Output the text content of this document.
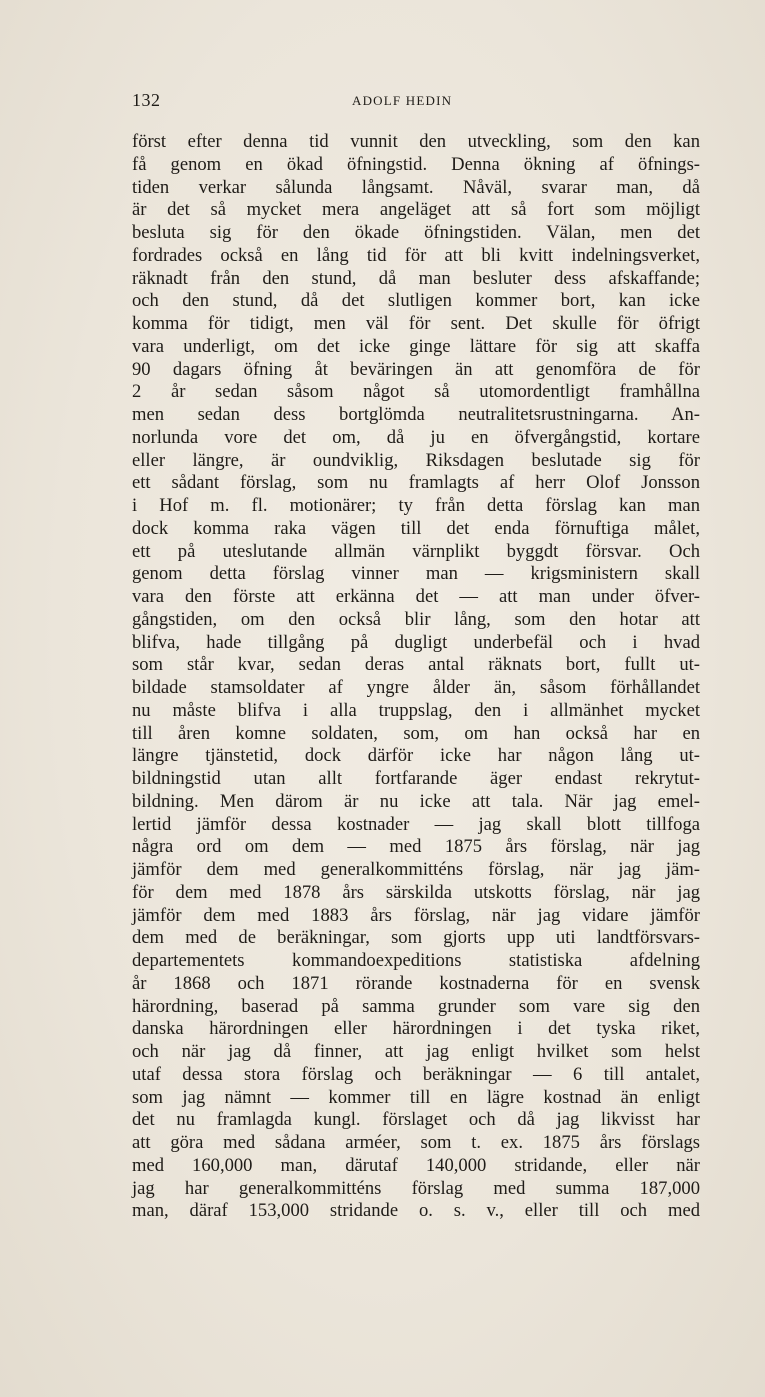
132	ADOLF HEDIN
först efter denna tid vunnit den utveckling, som den kan
få genom en ökad öfningstid. Denna ökning af öfnings-
tiden verkar sålunda långsamt. Nåväl, svarar man, då
är det så mycket mera angeläget att så fort som möjligt
besluta sig för den ökade öfningstiden. Välan, men det
fordrades också en lång tid för att bli kvitt indelningsverket,
räknadt från den stund, då man besluter dess afskaffande;
och den stund, då det slutligen kommer bort, kan icke
komma för tidigt, men väl för sent. Det skulle för öfrigt
vara underligt, om det icke ginge lättare för sig att skaffa
90 dagars öfning åt beväringen än att genomföra de för
2 år sedan såsom något så utomordentligt framhållna
men sedan dess bortglömda neutralitetsrustningarna. An-
norlunda vore det om, då ju en öfvergångstid, kortare
eller längre, är oundviklig, Riksdagen beslutade sig för
ett sådant förslag, som nu framlagts af herr Olof Jonsson
i Hof m. fl. motionärer; ty från detta förslag kan man
dock komma raka vägen till det enda förnuftiga målet,
ett på uteslutande allmän värnplikt byggdt försvar. Och
genom detta förslag vinner man — krigsministern skall
vara den förste att erkänna det — att man under öfver-
gångstiden, om den också blir lång, som den hotar att
blifva, hade tillgång på dugligt underbefäl och i hvad
som står kvar, sedan deras antal räknats bort, fullt ut-
bildade stamsoldater af yngre ålder än, såsom förhållandet
nu måste blifva i alla truppslag, den i allmänhet mycket
till åren komne soldaten, som, om han också har en
längre tjänstetid, dock därför icke har någon lång ut-
bildningstid utan allt fortfarande äger endast rekrytut-
bildning. Men därom är nu icke att tala. När jag emel-
lertid jämför dessa kostnader — jag skall blott tillfoga
några ord om dem — med 1875 års förslag, när jag
jämför dem med generalkommitténs förslag, när jag jäm-
för dem med 1878 års särskilda utskotts förslag, när jag
jämför dem med 1883 års förslag, när jag vidare jämför
dem med de beräkningar, som gjorts upp uti landtförsvars-
departementets kommandoexpeditions statistiska afdelning
år 1868 och 1871 rörande kostnaderna för en svensk
härordning, baserad på samma grunder som vare sig den
danska härordningen eller härordningen i det tyska riket,
och när jag då finner, att jag enligt hvilket som helst
utaf dessa stora förslag och beräkningar — 6 till antalet,
som jag nämnt — kommer till en lägre kostnad än enligt
det nu framlagda kungl. förslaget och då jag likvisst har
att göra med sådana arméer, som t. ex. 1875 års förslags
med 160,000 man, därutaf 140,000 stridande, eller när
jag har generalkommitténs förslag med summa 187,000
man, däraf 153,000 stridande o. s. v., eller till och med
